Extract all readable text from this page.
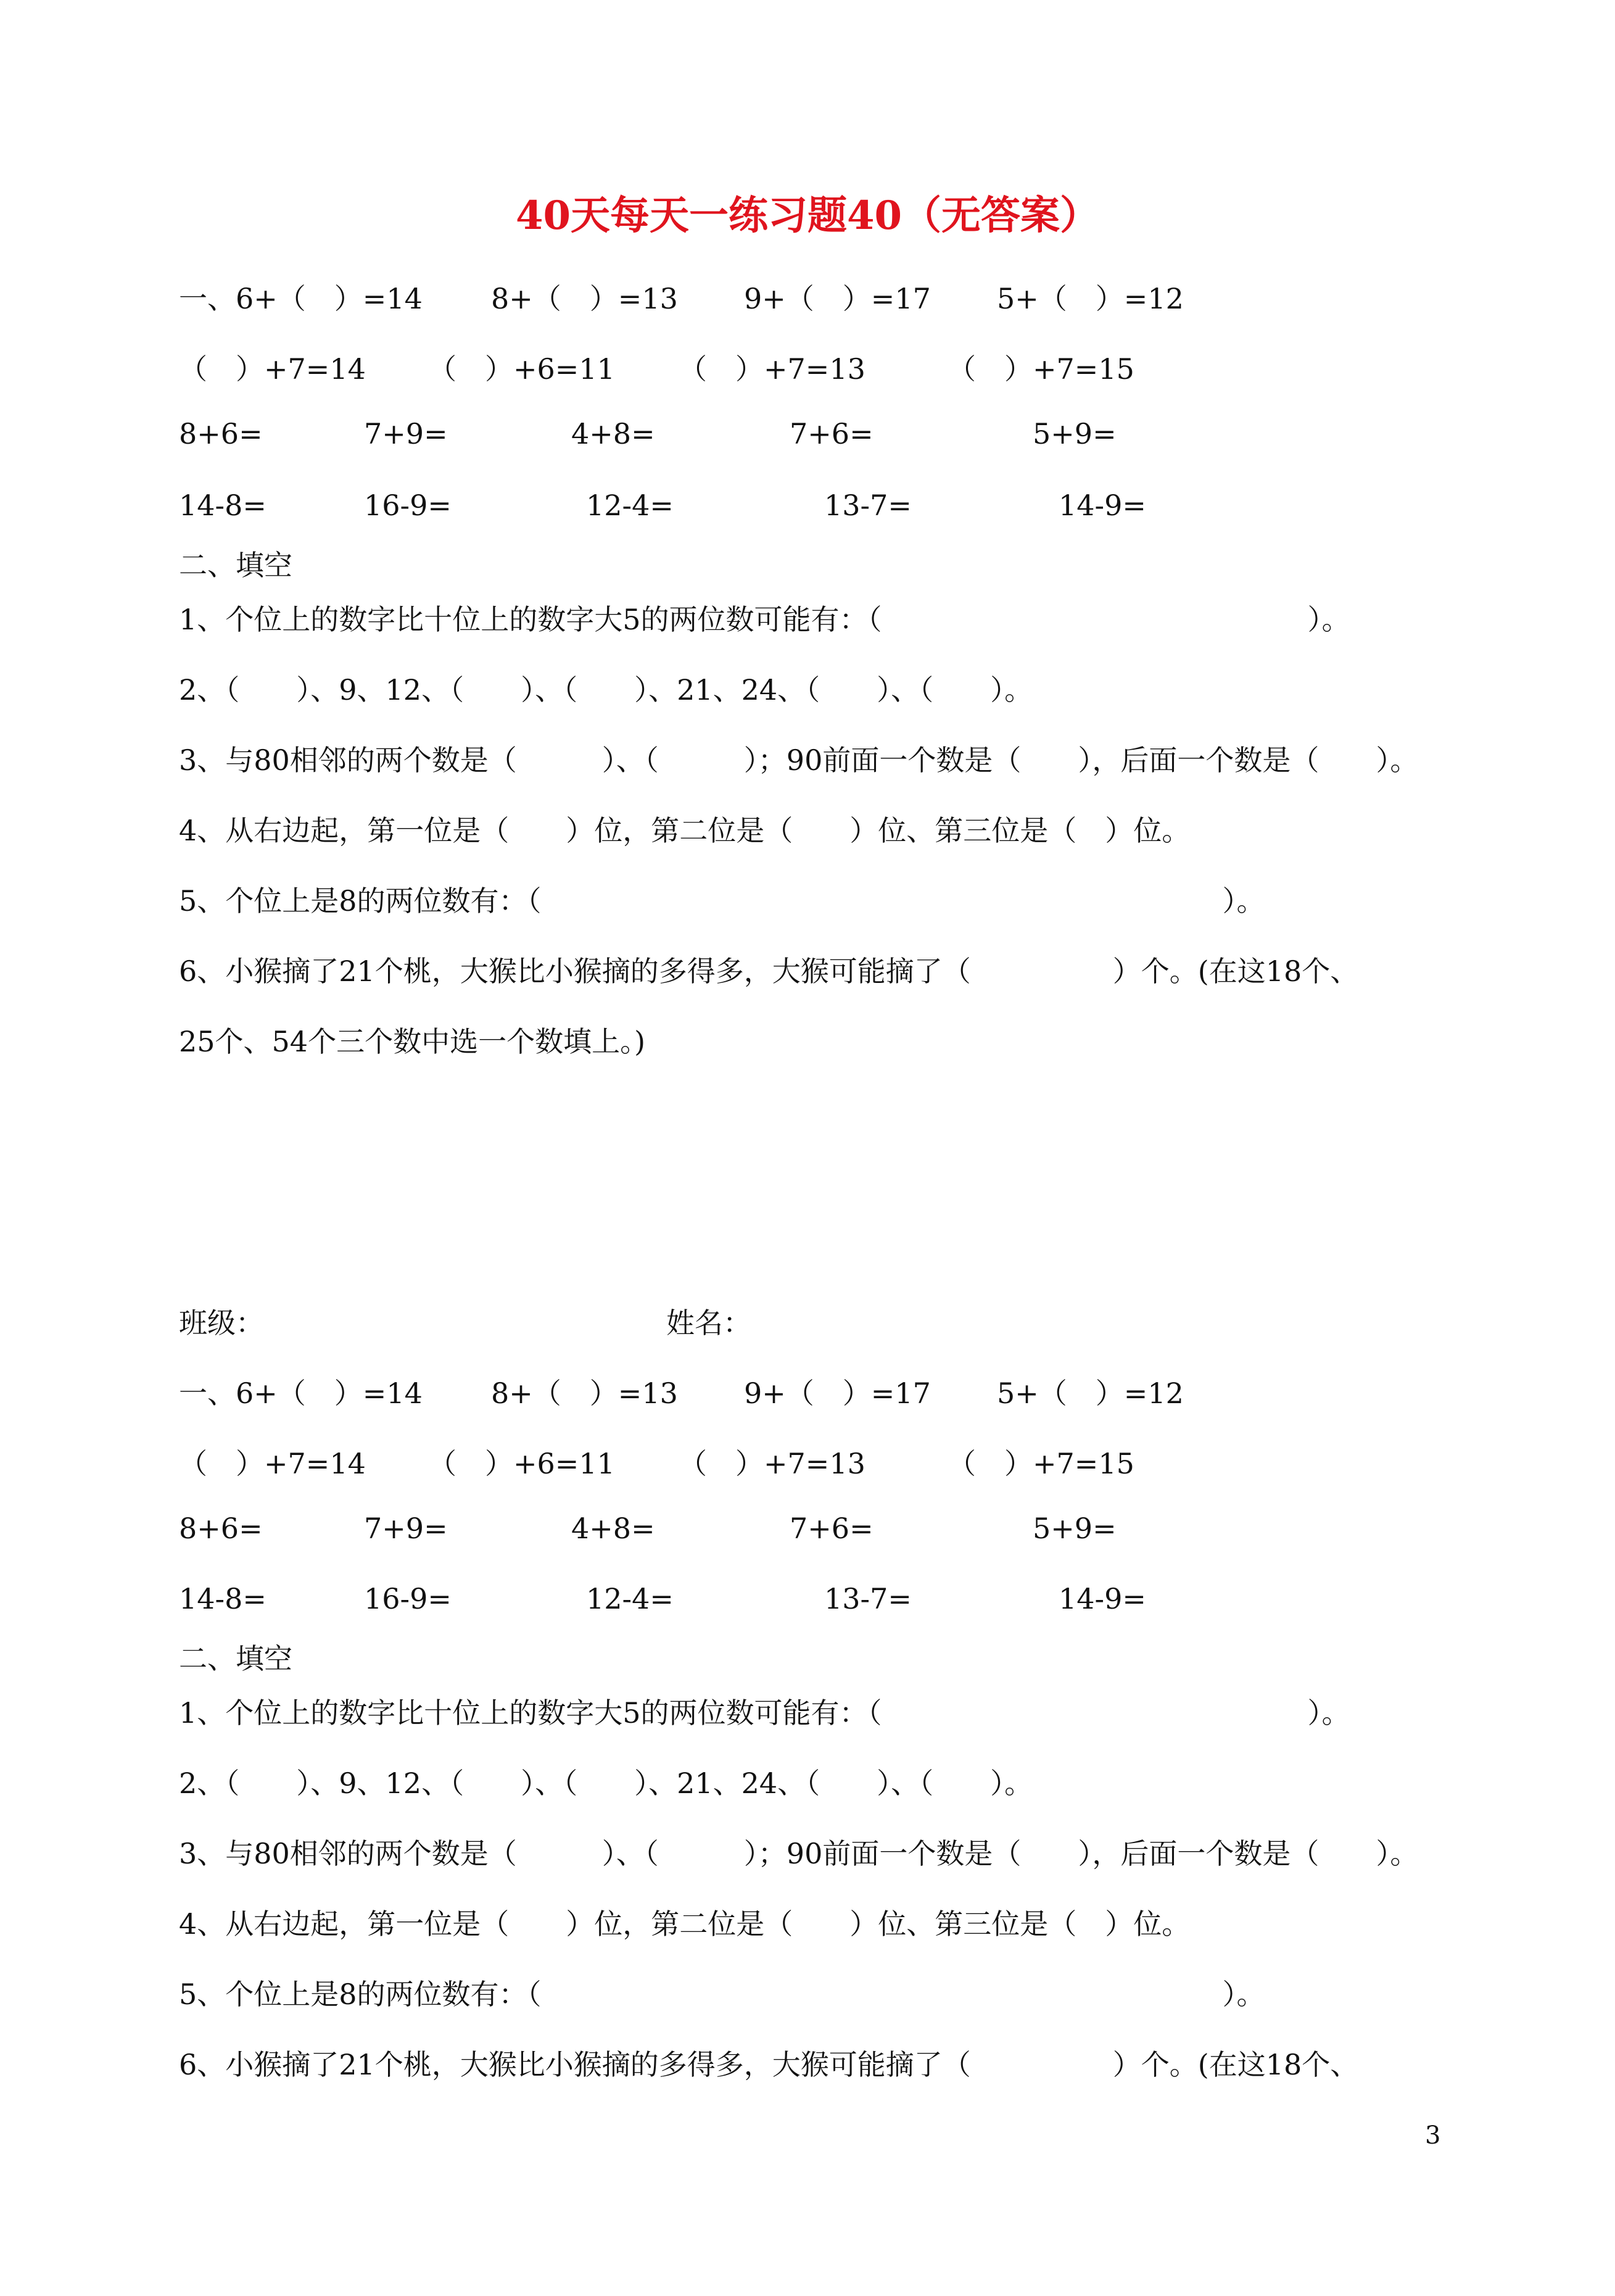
40天每天一练习题40（无答案）
一、6+（　）=14 8+（　）=13 9+（　）=17 5+（　）=12
（　）+7=14 （　）+6=11 （　）+7=13	（　）+7=15
8+6=	7+9=	4+8=	7+6=	5+9=
14-8=	16-9=	12-4=	13-7=	14-9=
二、填空
1、个位上的数字比十位上的数字大5的两位数可能有：（　　　　　　　　　　　　　　　）。
2、（　　）、9、12、（　　）、（　　）、21、24、（　　）、（　　）。
3、与80相邻的两个数是（　　　）、（　　　）；90前面一个数是（　　），后面一个数是（　　）。
4、从右边起，第一位是（　　）位，第二位是（　　）位、第三位是（　）位。
5、个位上是8的两位数有：（　　　　　　　　　　　　　　　　　　　　　　　　）。
6、小猴摘了21个桃，大猴比小猴摘的多得多，大猴可能摘了（　　　　　）个。(在这18个、
25个、54个三个数中选一个数填上。)
班级：	姓名：
一、6+（　）=14 8+（　）=13 9+（　）=17 5+（　）=12
（　）+7=14 （　）+6=11 （　）+7=13	（　）+7=15
8+6=	7+9=	4+8=	7+6=	5+9=
14-8=	16-9=	12-4=	13-7=	14-9=
二、填空
1、个位上的数字比十位上的数字大5的两位数可能有：（　　　　　　　　　　　　　　　）。
2、（　　）、9、12、（　　）、（　　）、21、24、（　　）、（　　）。
3、与80相邻的两个数是（　　　）、（　　　）；90前面一个数是（　　），后面一个数是（　　）。
4、从右边起，第一位是（　　）位，第二位是（　　）位、第三位是（　）位。
5、个位上是8的两位数有：（　　　　　　　　　　　　　　　　　　　　　　　　）。
6、小猴摘了21个桃，大猴比小猴摘的多得多，大猴可能摘了（　　　　　）个。(在这18个、
3
